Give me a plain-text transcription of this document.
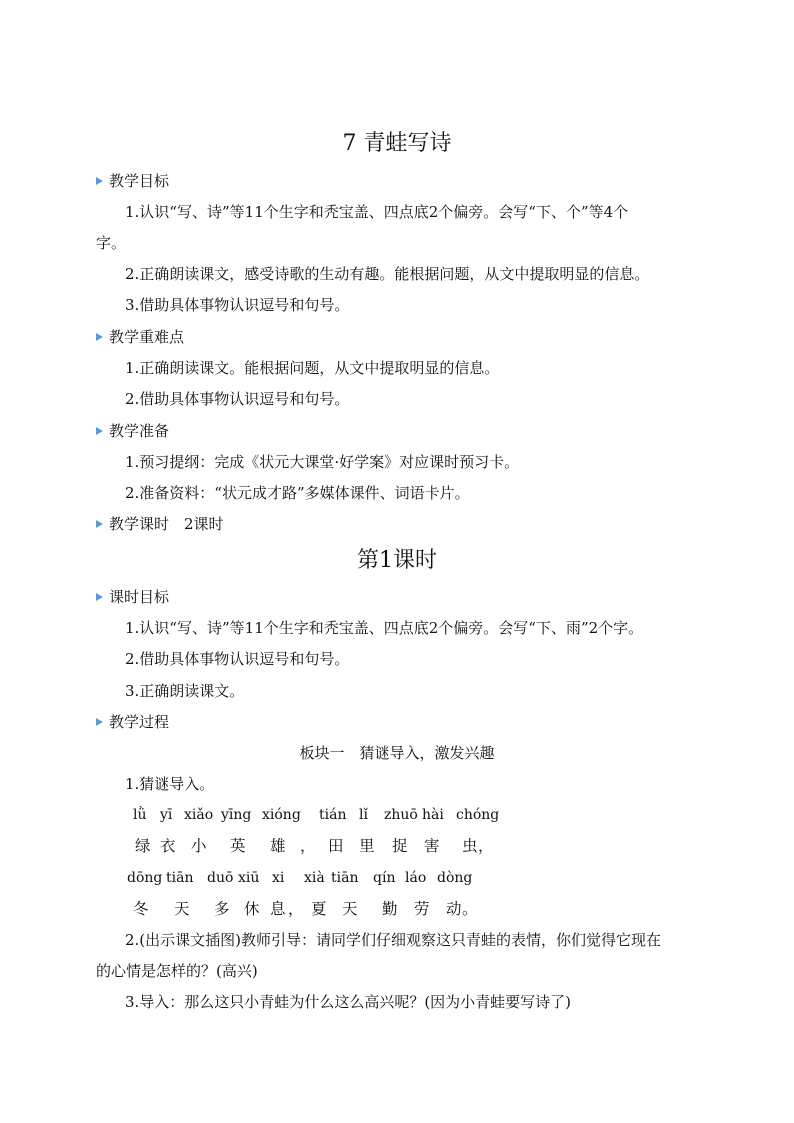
7 青蛙写诗
教学目标
1.认识“写、诗”等11个生字和秃宝盖、四点底2个偏旁。会写“下、个”等4个
字。
2.正确朗读课文，感受诗歌的生动有趣。能根据问题，从文中提取明显的信息。
3.借助具体事物认识逗号和句号。
教学重难点
1.正确朗读课文。能根据问题，从文中提取明显的信息。
2.借助具体事物认识逗号和句号。
教学准备
1.预习提纲：完成《状元大课堂·好学案》对应课时预习卡。
2.准备资料：“状元成才路”多媒体课件、词语卡片。
教学课时　2课时
第1课时
课时目标
1.认识“写、诗”等11个生字和秃宝盖、四点底2个偏旁。会写“下、雨”2个字。
2.借助具体事物认识逗号和句号。
3.正确朗读课文。
教学过程
板块一　猜谜导入，激发兴趣
1.猜谜导入。
lǜ yī xiǎo yīng xióng tián lǐ zhuō hài chóng
绿 衣 小 英 雄 ， 田 里 捉 害 虫 ，
dōng tiān duō xiū xi xià tiān qín láo dòng
冬 天 多 休 息 ， 夏 天 勤 劳 动 。
2.(出示课文插图)教师引导：请同学们仔细观察这只青蛙的表情，你们觉得它现在
的心情是怎样的？(高兴)
3.导入：那么这只小青蛙为什么这么高兴呢？(因为小青蛙要写诗了)
